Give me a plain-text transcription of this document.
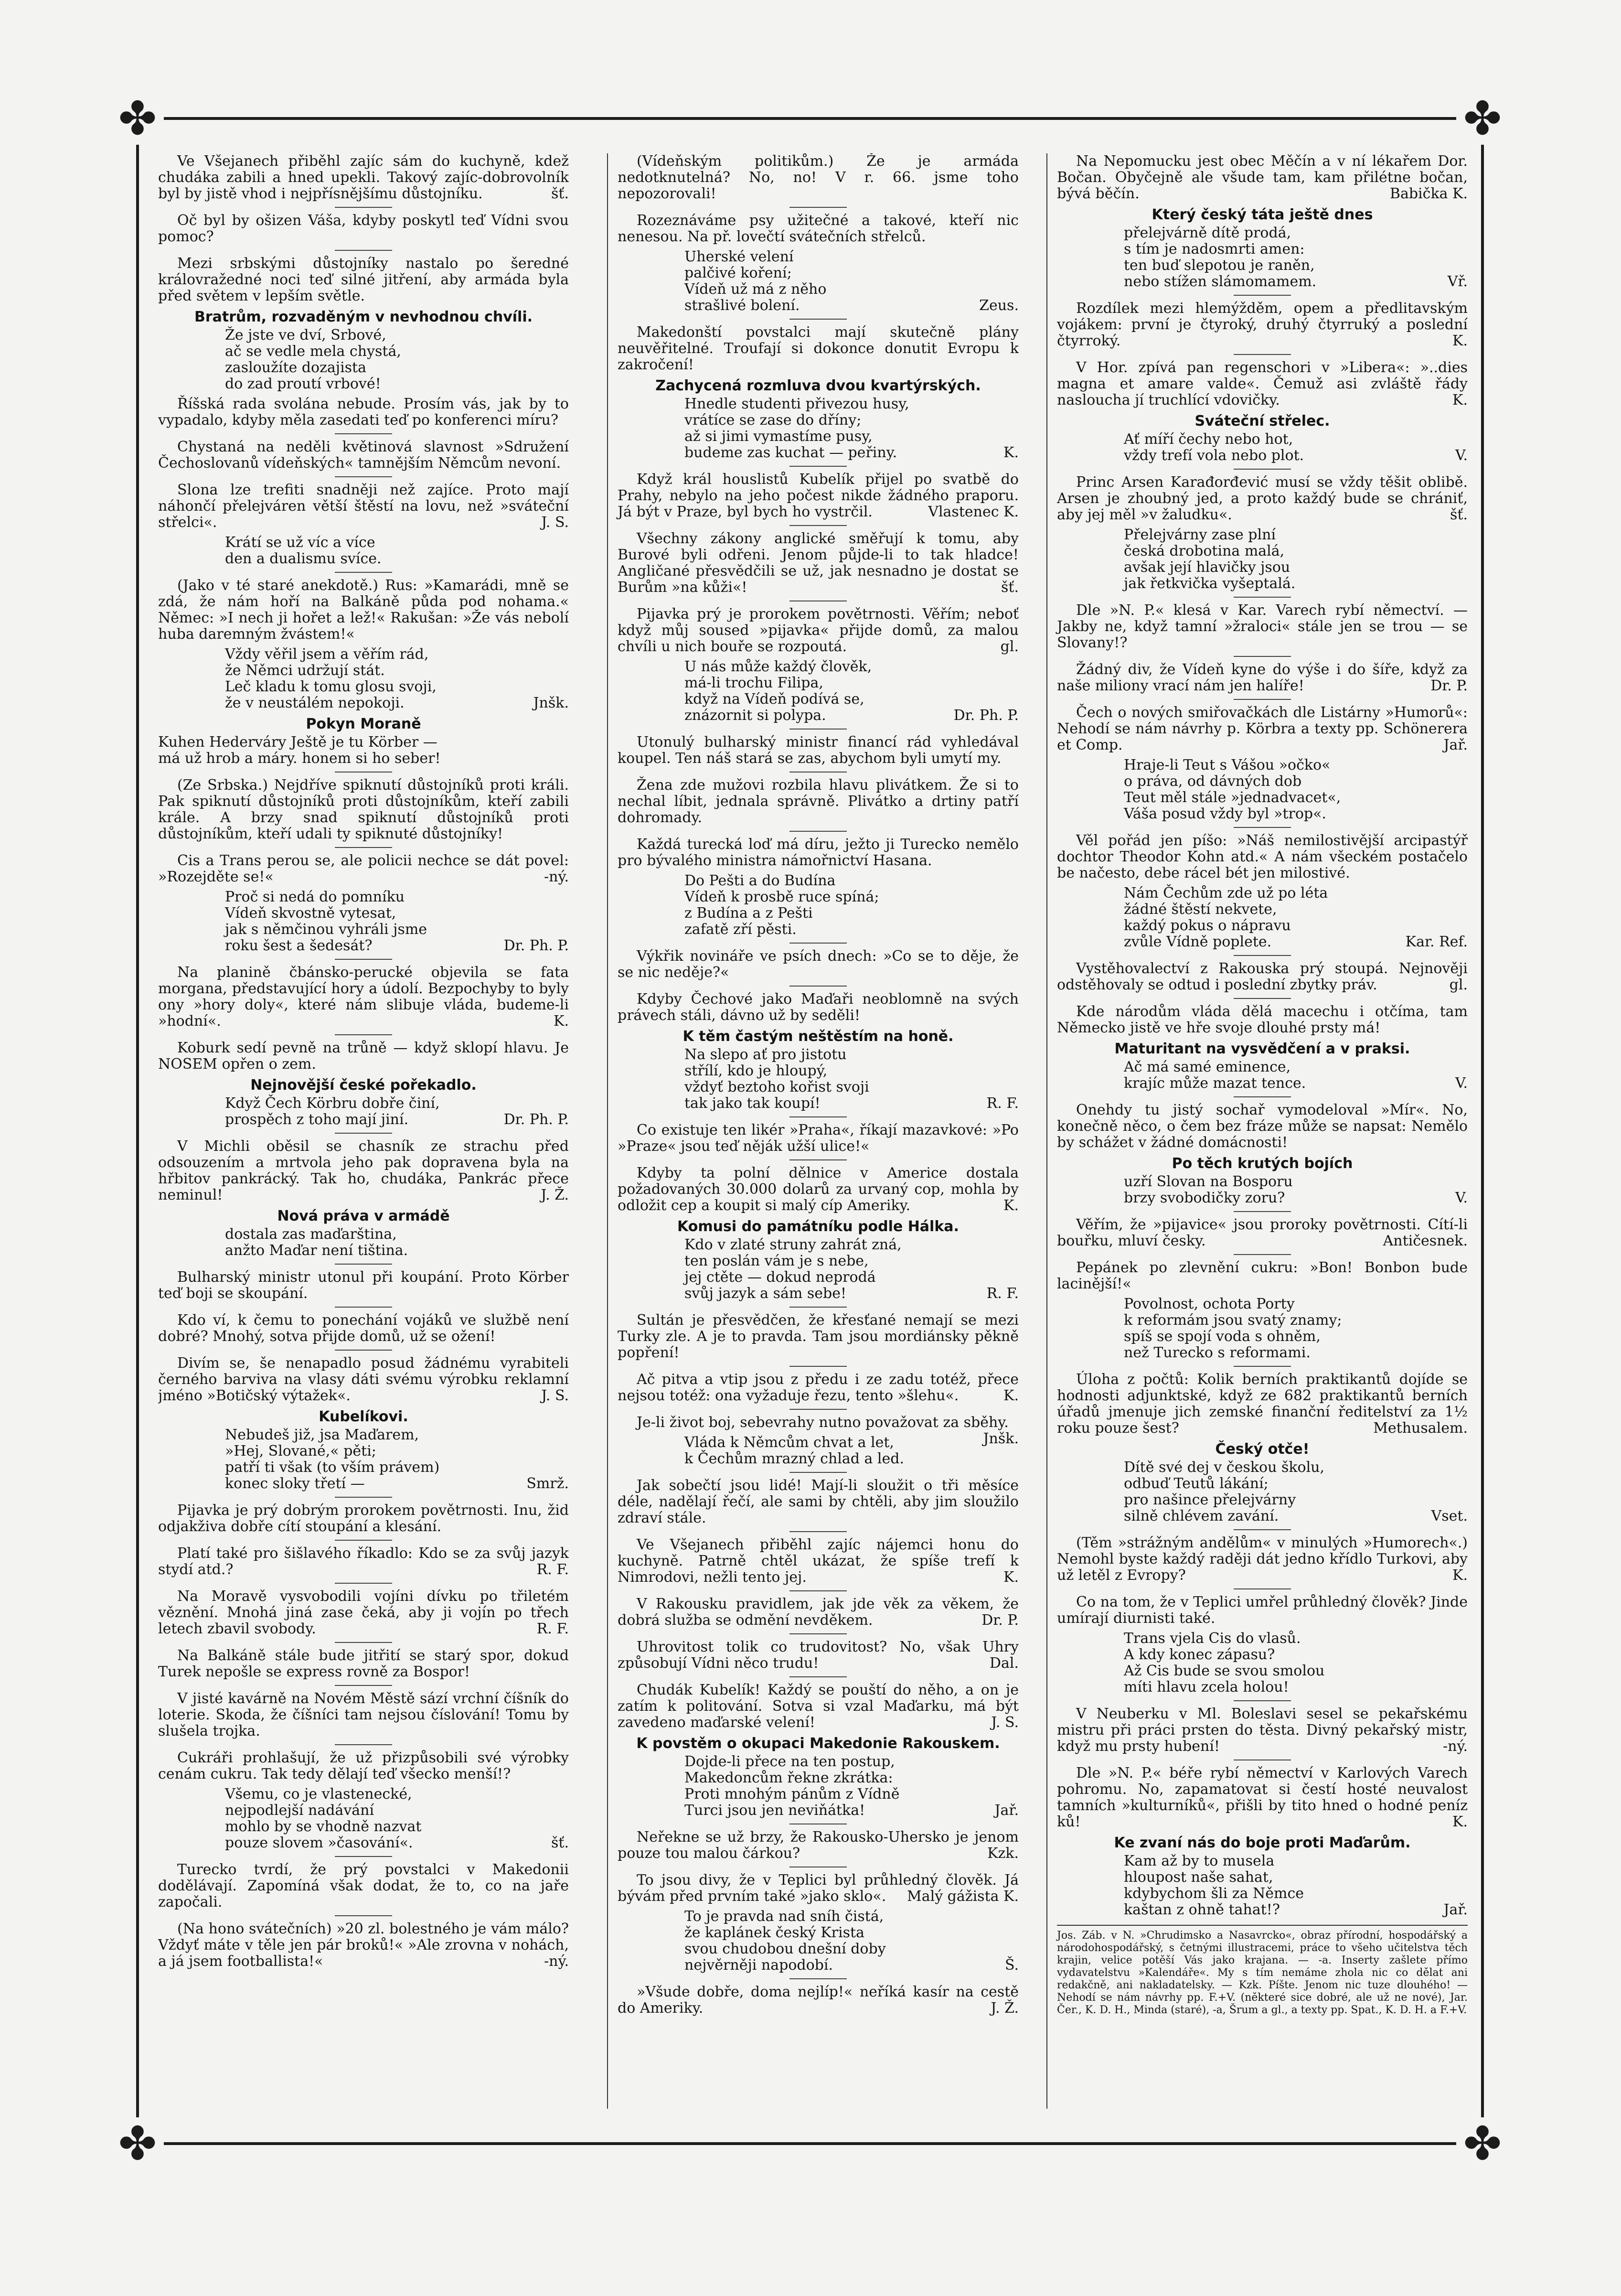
✤	✤
✤	✤
Ve Všejanech přiběhl zajíc sám do kuchyně, kdež chudáka zabili a hned upekli. Takový zajíc-dobrovolník byl by jistě vhod i nejpřísnějšímu důstojníku.	šť.
Oč byl by ošizen Váša, kdyby poskytl teď Vídni svou pomoc?
Mezi srbskými důstojníky nastalo po šeredné královražedné noci teď silné jitření, aby armáda byla před světem v lepším světle.
Bratrům, rozvaděným v nevhodnou chvíli.
Že jste ve dví, Srbové,
ač se vedle mela chystá,
zasloužíte dozajista
do zad proutí vrbové!
Říšská rada svolána nebude. Prosím vás, jak by to vypadalo, kdyby měla zasedati teď po konferenci míru?
Chystaná na neděli květinová slavnost »Sdružení Čechoslovanů vídeňských« tamnějším Němcům nevoní.
Slona lze trefiti snadněji než zajíce. Proto mají náhončí přelejváren větší štěstí na lovu, než »sváteční střelci«.	J. S.
Krátí se už víc a více
den a dualismu svíce.
(Jako v té staré anekdotě.) Rus: »Kamarádi, mně se zdá, že nám hoří na Balkáně půda pod nohama.« Němec: »I nech ji hořet a lež!« Rakušan: »Že vás nebolí huba daremným žvástem!«
Vždy věřil jsem a věřím rád,
že Němci udržují stát.
Leč kladu k tomu glosu svoji,
že v neustálém nepokoji.	Jnšk.
Pokyn Moraně
Kuhen Hederváry Ještě je tu Körber —
má už hrob a máry. honem si ho seber!
(Ze Srbska.) Nejdříve spiknutí důstojníků proti králi. Pak spiknutí důstojníků proti důstojníkům, kteří zabili krále. A brzy snad spiknutí důstojníků proti důstojníkům, kteří udali ty spiknuté důstojníky!
Cis a Trans perou se, ale policii nechce se dát povel: »Rozejděte se!«	-ný.
Proč si nedá do pomníku
Vídeň skvostně vytesat,
jak s němčinou vyhráli jsme
roku šest a šedesát?	Dr. Ph. P.
Na planině čbánsko-perucké objevila se fata morgana, představující hory a údolí. Bezpochyby to byly ony »hory doly«, které nám slibuje vláda, budeme-li »hodní«.	K.
Koburk sedí pevně na trůně — když sklopí hlavu. Je NOSEM opřen o zem.
Nejnovější české pořekadlo.
Když Čech Körbru dobře činí,
prospěch z toho mají jiní.	Dr. Ph. P.
V Michli oběsil se chasník ze strachu před odsouzením a mrtvola jeho pak dopravena byla na hřbitov pankrácký. Tak ho, chudáka, Pankrác přece neminul!	J. Ž.
Nová práva v armádě
dostala zas maďarština,
anžto Maďar není tiština.
Bulharský ministr utonul při koupání. Proto Körber teď boji se skoupání.
Kdo ví, k čemu to ponechání vojáků ve službě není dobré? Mnohý, sotva přijde domů, už se ožení!
Divím se, še nenapadlo posud žádnému vyrabiteli černého barviva na vlasy dáti svému výrobku reklamní jméno »Botičský výtažek«.	J. S.
Kubelíkovi.
Nebudeš již, jsa Maďarem,
»Hej, Slované,« pěti;
patří ti však (to vším právem)
konec sloky třetí —	Smrž.
Pijavka je prý dobrým prorokem povětrnosti. Inu, žid odjakživa dobře cítí stoupání a klesání.
Platí také pro šišlavého říkadlo: Kdo se za svůj jazyk stydí atd.?	R. F.
Na Moravě vysvobodili vojíni dívku po třiletém věznění. Mnohá jiná zase čeká, aby ji vojín po třech letech zbavil svobody.	R. F.
Na Balkáně stále bude jitřití se starý spor, dokud Turek nepošle se express rovně za Bospor!
V jisté kavárně na Novém Městě sází vrchní číšník do loterie. Skoda, že číšníci tam nejsou číslování! Tomu by slušela trojka.
Cukráři prohlašují, že už přizpůsobili své výrobky cenám cukru. Tak tedy dělají teď všecko menší!?
Všemu, co je vlastenecké,
nejpodlejší nadávání
mohlo by se vhodně nazvat
pouze slovem »časování«.	šť.
Turecko tvrdí, že prý povstalci v Makedonii dodělávají. Zapomíná však dodat, že to, co na jaře započali.
(Na hono svátečních) »20 zl. bolestného je vám málo? Vždyť máte v těle jen pár broků!« »Ale zrovna v nohách, a já jsem footballista!«	-ný.
(Vídeňským politikům.) Že je armáda nedotknutelná? No, no! V r. 66. jsme toho nepozorovali!
Rozeznáváme psy užitečné a takové, kteří nic nenesou. Na př. lovečtí svátečních střelců.
Uherské velení
palčivé koření;
Vídeň už má z něho
strašlivé bolení.	Zeus.
Makedonští povstalci mají skutečně plány neuvěřitelné. Troufají si dokonce donutit Evropu k zakročení!
Zachycená rozmluva dvou kvartýrských.
Hnedle studenti přivezou husy,
vrátíce se zase do dříny;
až si jimi vymastíme pusy,
budeme zas kuchat — peřiny.	K.
Když král houslistů Kubelík přijel po svatbě do Prahy, nebylo na jeho počest nikde žádného praporu. Já být v Praze, byl bych ho vystrčil.	Vlastenec K.
Všechny zákony anglické směřují k tomu, aby Burové byli odřeni. Jenom půjde-li to tak hladce! Angličané přesvědčili se už, jak nesnadno je dostat se Burům »na kůži«!	šť.
Pijavka prý je prorokem povětrnosti. Věřím; neboť když můj soused »pijavka« přijde domů, za malou chvíli u nich bouře se rozpoutá.	gl.
U nás může každý člověk,
má-li trochu Filipa,
když na Vídeň podívá se,
znázornit si polypa.	Dr. Ph. P.
Utonulý bulharský ministr financí rád vyhledával koupel. Ten náš stará se zas, abychom byli umytí my.
Žena zde mužovi rozbila hlavu plivátkem. Že si to nechal líbit, jednala správně. Plivátko a drtiny patří dohromady.
Každá turecká loď má díru, ježto ji Turecko nemělo pro bývalého ministra námořnictví Hasana.
Do Pešti a do Budína
Vídeň k prosbě ruce spíná;
z Budína a z Pešti
zafatě zří pěsti.
Výkřik novináře ve psích dnech: »Co se to děje, že se nic neděje?«
Kdyby Čechové jako Maďaři neoblomně na svých právech stáli, dávno už by seděli!
K těm častým neštěstím na honě.
Na slepo ať pro jistotu
střílí, kdo je hloupý,
vždyť beztoho kořist svoji
tak jako tak koupí!	R. F.
Co existuje ten likér »Praha«, říkají mazavkové: »Po »Praze« jsou teď něják užší ulice!«
Kdyby ta polní dělnice v Americe dostala požadovaných 30.000 dolarů za urvaný cop, mohla by odložit cep a koupit si malý cíp Ameriky.	K.
Komusi do památníku podle Hálka.
Kdo v zlaté struny zahrát zná,
ten poslán vám je s nebe,
jej ctěte — dokud neprodá
svůj jazyk a sám sebe!	R. F.
Sultán je přesvědčen, že křesťané nemají se mezi Turky zle. A je to pravda. Tam jsou mordiánsky pěkně popření!
Ač pitva a vtip jsou z předu i ze zadu totéž, přece nejsou totéž: ona vyžaduje řezu, tento »šlehu«.	K.
Je-li život boj, sebevrahy nutno považovat za sběhy.
Jnšk.
Vláda k Němcům chvat a let,
k Čechům mrazný chlad a led.
Jak sobečtí jsou lidé! Mají-li sloužit o tři měsíce déle, nadělají řečí, ale sami by chtěli, aby jim sloužilo zdraví stále.
Ve Všejanech přiběhl zajíc nájemci honu do kuchyně. Patrně chtěl ukázat, že spíše trefí k Nimrodovi, nežli tento jej.	K.
V Rakousku pravidlem, jak jde věk za věkem, že dobrá služba se odmění nevděkem.	Dr. P.
Uhrovitost tolik co trudovitost? No, však Uhry způsobují Vídni něco trudu!	Dal.
Chudák Kubelík! Každý se pouští do něho, a on je zatím k politování. Sotva si vzal Maďarku, má být zavedeno maďarské velení!	J. S.
K povstěm o okupaci Makedonie Rakouskem.
Dojde-li přece na ten postup,
Makedoncům řekne zkrátka:
Proti mnohým pánům z Vídně
Turci jsou jen neviňátka!	Jař.
Neřekne se už brzy, že Rakousko-Uhersko je jenom pouze tou malou čárkou?	Kzk.
To jsou divy, že v Teplici byl průhledný člověk. Já bývám před prvním také »jako sklo«.	Malý gážista K.
To je pravda nad sníh čistá,
že kaplánek český Krista
svou chudobou dnešní doby
nejvěrněji napodobí.	Š.
»Všude dobře, doma nejlíp!« neříká kasír na cestě do Ameriky.	J. Ž.
Na Nepomucku jest obec Měčín a v ní lékařem Dor. Bočan. Obyčejně ale všude tam, kam přilétne bočan, bývá běčín.	Babička K.
Který český táta ještě dnes
přelejvárně dítě prodá,
s tím je nadosmrti amen:
ten buď slepotou je raněn,
nebo stížen slámomamem.	Vř.
Rozdílek mezi hlemýžděm, opem a předlitavským vojákem: první je čtyroký, druhý čtyrruký a poslední čtyrroký.	K.
V Hor. zpívá pan regenschori v »Libera«: »..dies magna et amare valde«. Čemuž asi zvláště řády nasloucha jí truchlící vdovičky.	K.
Sváteční střelec.
Ať míří čechy nebo hot,
vždy trefí vola nebo plot.	V.
Princ Arsen Karađorđević musí se vždy těšit oblibě. Arsen je zhoubný jed, a proto každý bude se chrániť, aby jej měl »v žaludku«.	šť.
Přelejvárny zase plní
česká drobotina malá,
avšak její hlavičky jsou
jak řetkvička vyšeptalá.
Dle »N. P.« klesá v Kar. Varech rybí němectví. — Jakby ne, když tamní »žraloci« stále jen se trou — se Slovany!?
Žádný div, že Vídeň kyne do výše i do šíře, když za naše miliony vrací nám jen halíře!	Dr. P.
Čech o nových smiřovačkách dle Listárny »Humorů«: Nehodí se nám návrhy p. Körbra a texty pp. Schönerera et Comp.	Jař.
Hraje-li Teut s Vášou »očko«
o práva, od dávných dob
Teut měl stále »jednadvacet«,
Váša posud vždy byl »trop«.
Věl pořád jen píšo: »Náš nemilostivější arcipastýř dochtor Theodor Kohn atd.« A nám všeckém postačelo be načesto, debe rácel bét jen milostivé.
Nám Čechům zde už po léta
žádné štěstí nekvete,
každý pokus o nápravu
zvůle Vídně poplete.	Kar. Ref.
Vystěhovalectví z Rakouska prý stoupá. Nejnověji odstěhovaly se odtud i poslední zbytky práv.	gl.
Kde národům vláda dělá macechu i otčíma, tam Německo jistě ve hře svoje dlouhé prsty má!
Maturitant na vysvědčení a v praksi.
Ač má samé eminence,
krajíc může mazat tence.	V.
Onehdy tu jistý sochař vymodeloval »Mír«. No, konečně něco, o čem bez fráze může se napsat: Nemělo by schážet v žádné domácnosti!
Po těch krutých bojích
uzří Slovan na Bosporu
brzy svobodičky zoru?	V.
Věřím, že »pijavice« jsou proroky povětrnosti. Cítí-li bouřku, mluví česky.	Antičesnek.
Pepánek po zlevnění cukru: »Bon! Bonbon bude lacinější!«
Povolnost, ochota Porty
k reformám jsou svatý znamy;
spíš se spojí voda s ohněm,
než Turecko s reformami.
Úloha z počtů: Kolik berních praktikantů dojíde se hodnosti adjunktské, když ze 682 praktikantů berních úřadů jmenuje jich zemské finanční ředitelství za 1½ roku pouze šest?	Methusalem.
Český otče!
Dítě své dej v českou školu,
odbuď Teutů lákání;
pro našince přelejvárny
silně chlévem zavání.	Vset.
(Těm »strážným andělům« v minulých »Humorech«.) Nemohl byste každý raději dát jedno křídlo Turkovi, aby už letěl z Evropy?	K.
Co na tom, že v Teplici umřel průhledný člověk? Jinde umírají diurnisti také.
Trans vjela Cis do vlasů.
A kdy konec zápasu?
Až Cis bude se svou smolou
míti hlavu zcela holou!
V Neuberku v Ml. Boleslavi sesel se pekařskému mistru při práci prsten do těsta. Divný pekařský mistr, když mu prsty hubení!	-ný.
Dle »N. P.« béře rybí němectví v Karlových Varech pohromu. No, zapamatovat si čestí hosté neuvalost tamních »kulturníků«, přišli by tito hned o hodné peníz ků!	K.
Ke zvaní nás do boje proti Maďarům.
Kam až by to musela
hloupost naše sahat,
kdybychom šli za Němce
kaštan z ohně tahat!?	Jař.
Jos. Záb. v N. »Chrudimsko a Nasavrcko«, obraz přírodní, hospodářský a národohospodářský, s četnými illustracemi, práce to všeho učitelstva těch krajin, velice potěší Vás jako krajana. — -a. Inserty zašlete přímo vydavatelstvu »Kalendáře«. My s tím nemáme zhola nic co dělat ani redakčně, ani nakladatelsky. — Kzk. Píšte. Jenom nic tuze dlouhého! — Nehodí se nám návrhy pp. F.+V. (některé sice dobré, ale už ne nové), Jar. Čer., K. D. H., Minda (staré), -a, Šrum a gl., a texty pp. Spat., K. D. H. a F.+V.
